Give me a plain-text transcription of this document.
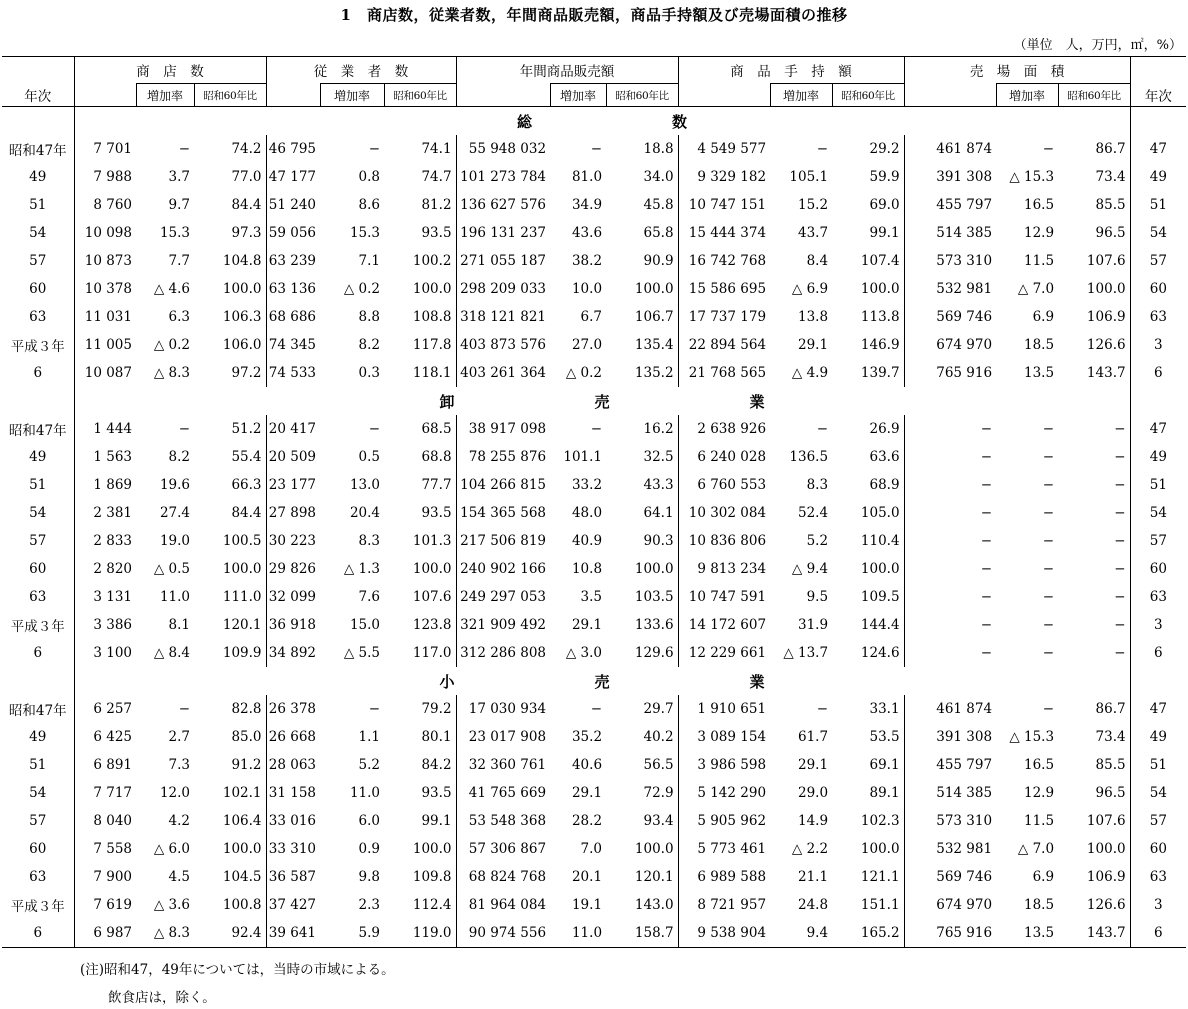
1　商店数，従業者数，年間商品販売額，商品手持額及び売場面積の推移
（単位　人，万円，㎡，%）
	商　店　数			従　業　者　数			年間商品販売額			商　品　手　持　額			売　場　面　積			
年次		増加率	昭和60年比		増加率	昭和60年比		増加率	昭和60年比		増加率	昭和60年比		増加率	昭和60年比	年次
	総数															
昭和47年	7 701	−	74.2	46 795	−	74.1	55 948 032	−	18.8	4 549 577	−	29.2	461 874	−	86.7	47
49	7 988	3.7	77.0	47 177	0.8	74.7	101 273 784	81.0	34.0	9 329 182	105.1	59.9	391 308	△ 15.3	73.4	49
51	8 760	9.7	84.4	51 240	8.6	81.2	136 627 576	34.9	45.8	10 747 151	15.2	69.0	455 797	16.5	85.5	51
54	10 098	15.3	97.3	59 056	15.3	93.5	196 131 237	43.6	65.8	15 444 374	43.7	99.1	514 385	12.9	96.5	54
57	10 873	7.7	104.8	63 239	7.1	100.2	271 055 187	38.2	90.9	16 742 768	8.4	107.4	573 310	11.5	107.6	57
60	10 378	△ 4.6	100.0	63 136	△ 0.2	100.0	298 209 033	10.0	100.0	15 586 695	△ 6.9	100.0	532 981	△ 7.0	100.0	60
63	11 031	6.3	106.3	68 686	8.8	108.8	318 121 821	6.7	106.7	17 737 179	13.8	113.8	569 746	6.9	106.9	63
平成３年	11 005	△ 0.2	106.0	74 345	8.2	117.8	403 873 576	27.0	135.4	22 894 564	29.1	146.9	674 970	18.5	126.6	3
6	10 087	△ 8.3	97.2	74 533	0.3	118.1	403 261 364	△ 0.2	135.2	21 768 565	△ 4.9	139.7	765 916	13.5	143.7	6
	卸売業															
昭和47年	1 444	−	51.2	20 417	−	68.5	38 917 098	−	16.2	2 638 926	−	26.9	−	−	−	47
49	1 563	8.2	55.4	20 509	0.5	68.8	78 255 876	101.1	32.5	6 240 028	136.5	63.6	−	−	−	49
51	1 869	19.6	66.3	23 177	13.0	77.7	104 266 815	33.2	43.3	6 760 553	8.3	68.9	−	−	−	51
54	2 381	27.4	84.4	27 898	20.4	93.5	154 365 568	48.0	64.1	10 302 084	52.4	105.0	−	−	−	54
57	2 833	19.0	100.5	30 223	8.3	101.3	217 506 819	40.9	90.3	10 836 806	5.2	110.4	−	−	−	57
60	2 820	△ 0.5	100.0	29 826	△ 1.3	100.0	240 902 166	10.8	100.0	9 813 234	△ 9.4	100.0	−	−	−	60
63	3 131	11.0	111.0	32 099	7.6	107.6	249 297 053	3.5	103.5	10 747 591	9.5	109.5	−	−	−	63
平成３年	3 386	8.1	120.1	36 918	15.0	123.8	321 909 492	29.1	133.6	14 172 607	31.9	144.4	−	−	−	3
6	3 100	△ 8.4	109.9	34 892	△ 5.5	117.0	312 286 808	△ 3.0	129.6	12 229 661	△ 13.7	124.6	−	−	−	6
	小売業															
昭和47年	6 257	−	82.8	26 378	−	79.2	17 030 934	−	29.7	1 910 651	−	33.1	461 874	−	86.7	47
49	6 425	2.7	85.0	26 668	1.1	80.1	23 017 908	35.2	40.2	3 089 154	61.7	53.5	391 308	△ 15.3	73.4	49
51	6 891	7.3	91.2	28 063	5.2	84.2	32 360 761	40.6	56.5	3 986 598	29.1	69.1	455 797	16.5	85.5	51
54	7 717	12.0	102.1	31 158	11.0	93.5	41 765 669	29.1	72.9	5 142 290	29.0	89.1	514 385	12.9	96.5	54
57	8 040	4.2	106.4	33 016	6.0	99.1	53 548 368	28.2	93.4	5 905 962	14.9	102.3	573 310	11.5	107.6	57
60	7 558	△ 6.0	100.0	33 310	0.9	100.0	57 306 867	7.0	100.0	5 773 461	△ 2.2	100.0	532 981	△ 7.0	100.0	60
63	7 900	4.5	104.5	36 587	9.8	109.8	68 824 768	20.1	120.1	6 989 588	21.1	121.1	569 746	6.9	106.9	63
平成３年	7 619	△ 3.6	100.8	37 427	2.3	112.4	81 964 084	19.1	143.0	8 721 957	24.8	151.1	674 970	18.5	126.6	3
6	6 987	△ 8.3	92.4	39 641	5.9	119.0	90 974 556	11.0	158.7	9 538 904	9.4	165.2	765 916	13.5	143.7	6
(注)昭和47，49年については，当時の市域による。
飲食店は，除く。
